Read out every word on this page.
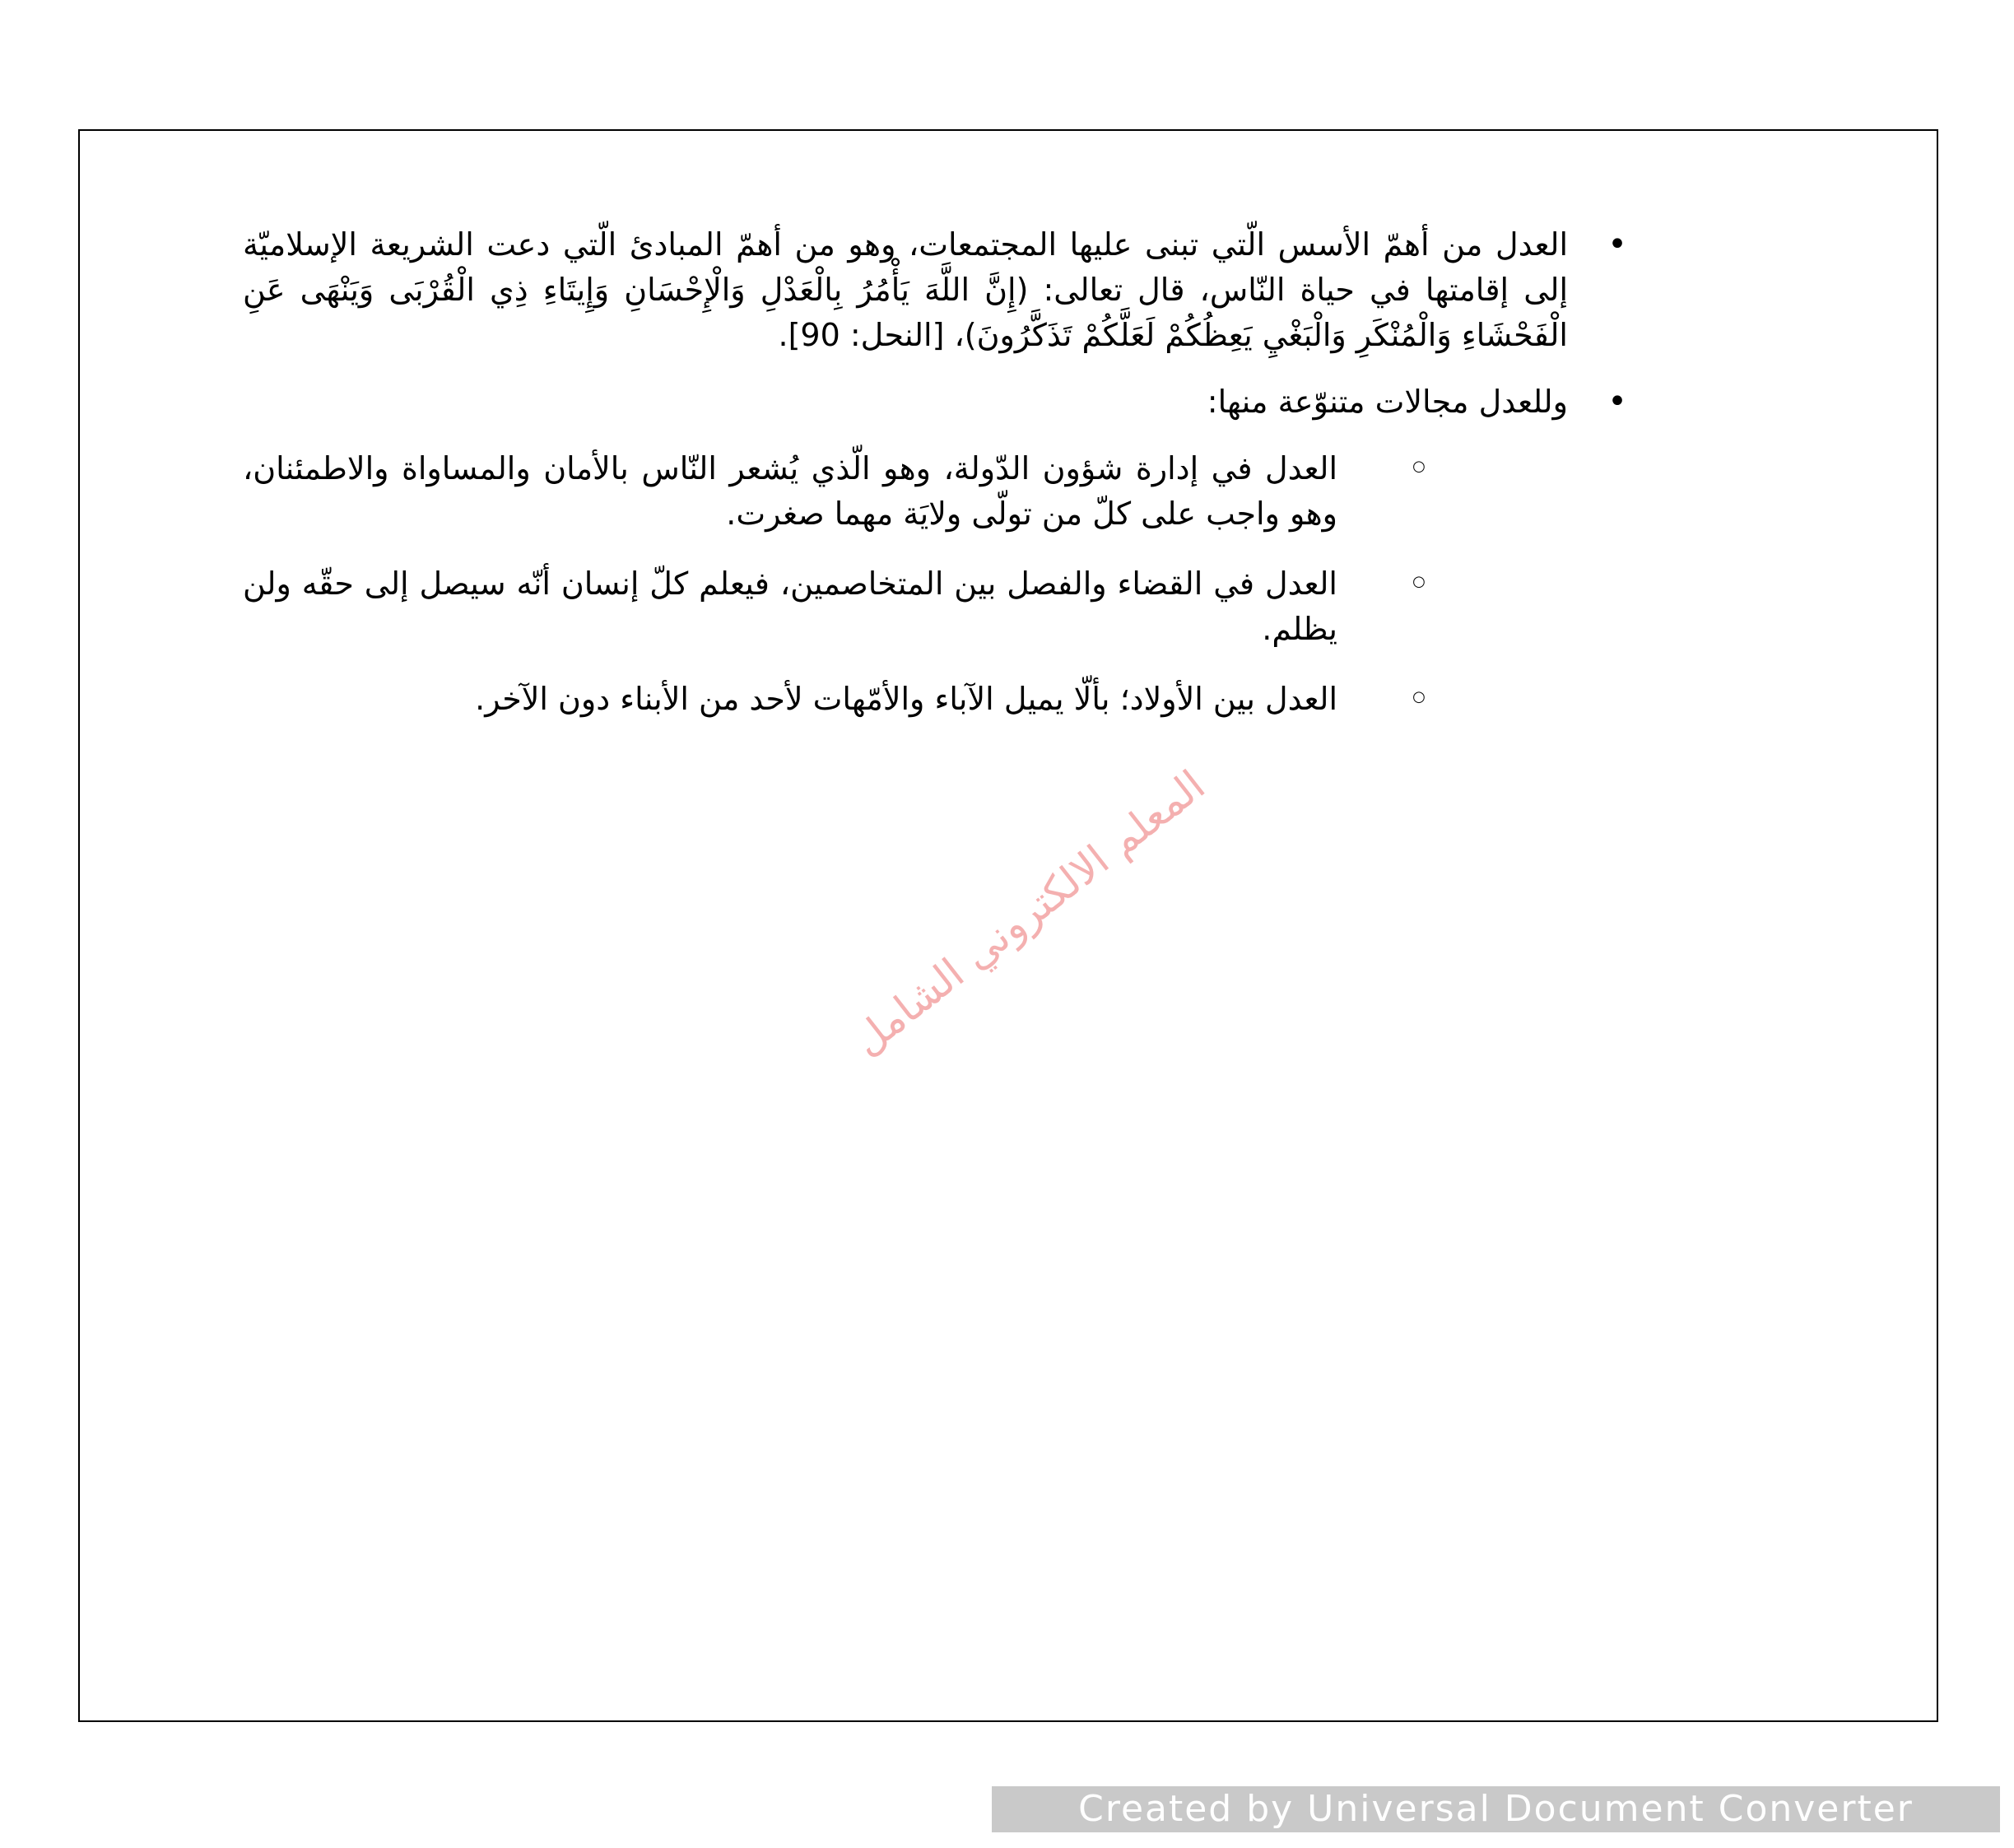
•
العدل من أهمّ الأسس الّتي تبنى عليها المجتمعات، وهو من أهمّ المبادئ الّتي دعت الشريعة الإسلاميّة إلى إقامتها في حياة النّاس، قال تعالى: (إِنَّ اللَّهَ يَأْمُرُ بِالْعَدْلِ وَالْإِحْسَانِ وَإِيتَاءِ ذِي الْقُرْبَى وَيَنْهَى عَنِ الْفَحْشَاءِ وَالْمُنْكَرِ وَالْبَغْيِ يَعِظُكُمْ لَعَلَّكُمْ تَذَكَّرُونَ)، [النحل: 90].
•
وللعدل مجالات متنوّعة منها:
○
العدل في إدارة شؤون الدّولة، وهو الّذي يُشعر النّاس بالأمان والمساواة والاطمئنان، وهو واجب على كلّ من تولّى ولايَة مهما صغرت.
○
العدل في القضاء والفصل بين المتخاصمين، فيعلم كلّ إنسان أنّه سيصل إلى حقّه ولن يظلم.
○
العدل بين الأولاد؛ بألّا يميل الآباء والأمّهات لأحد من الأبناء دون الآخر.
المعلم الالكتروني الشامل
Created by Universal Document Converter
